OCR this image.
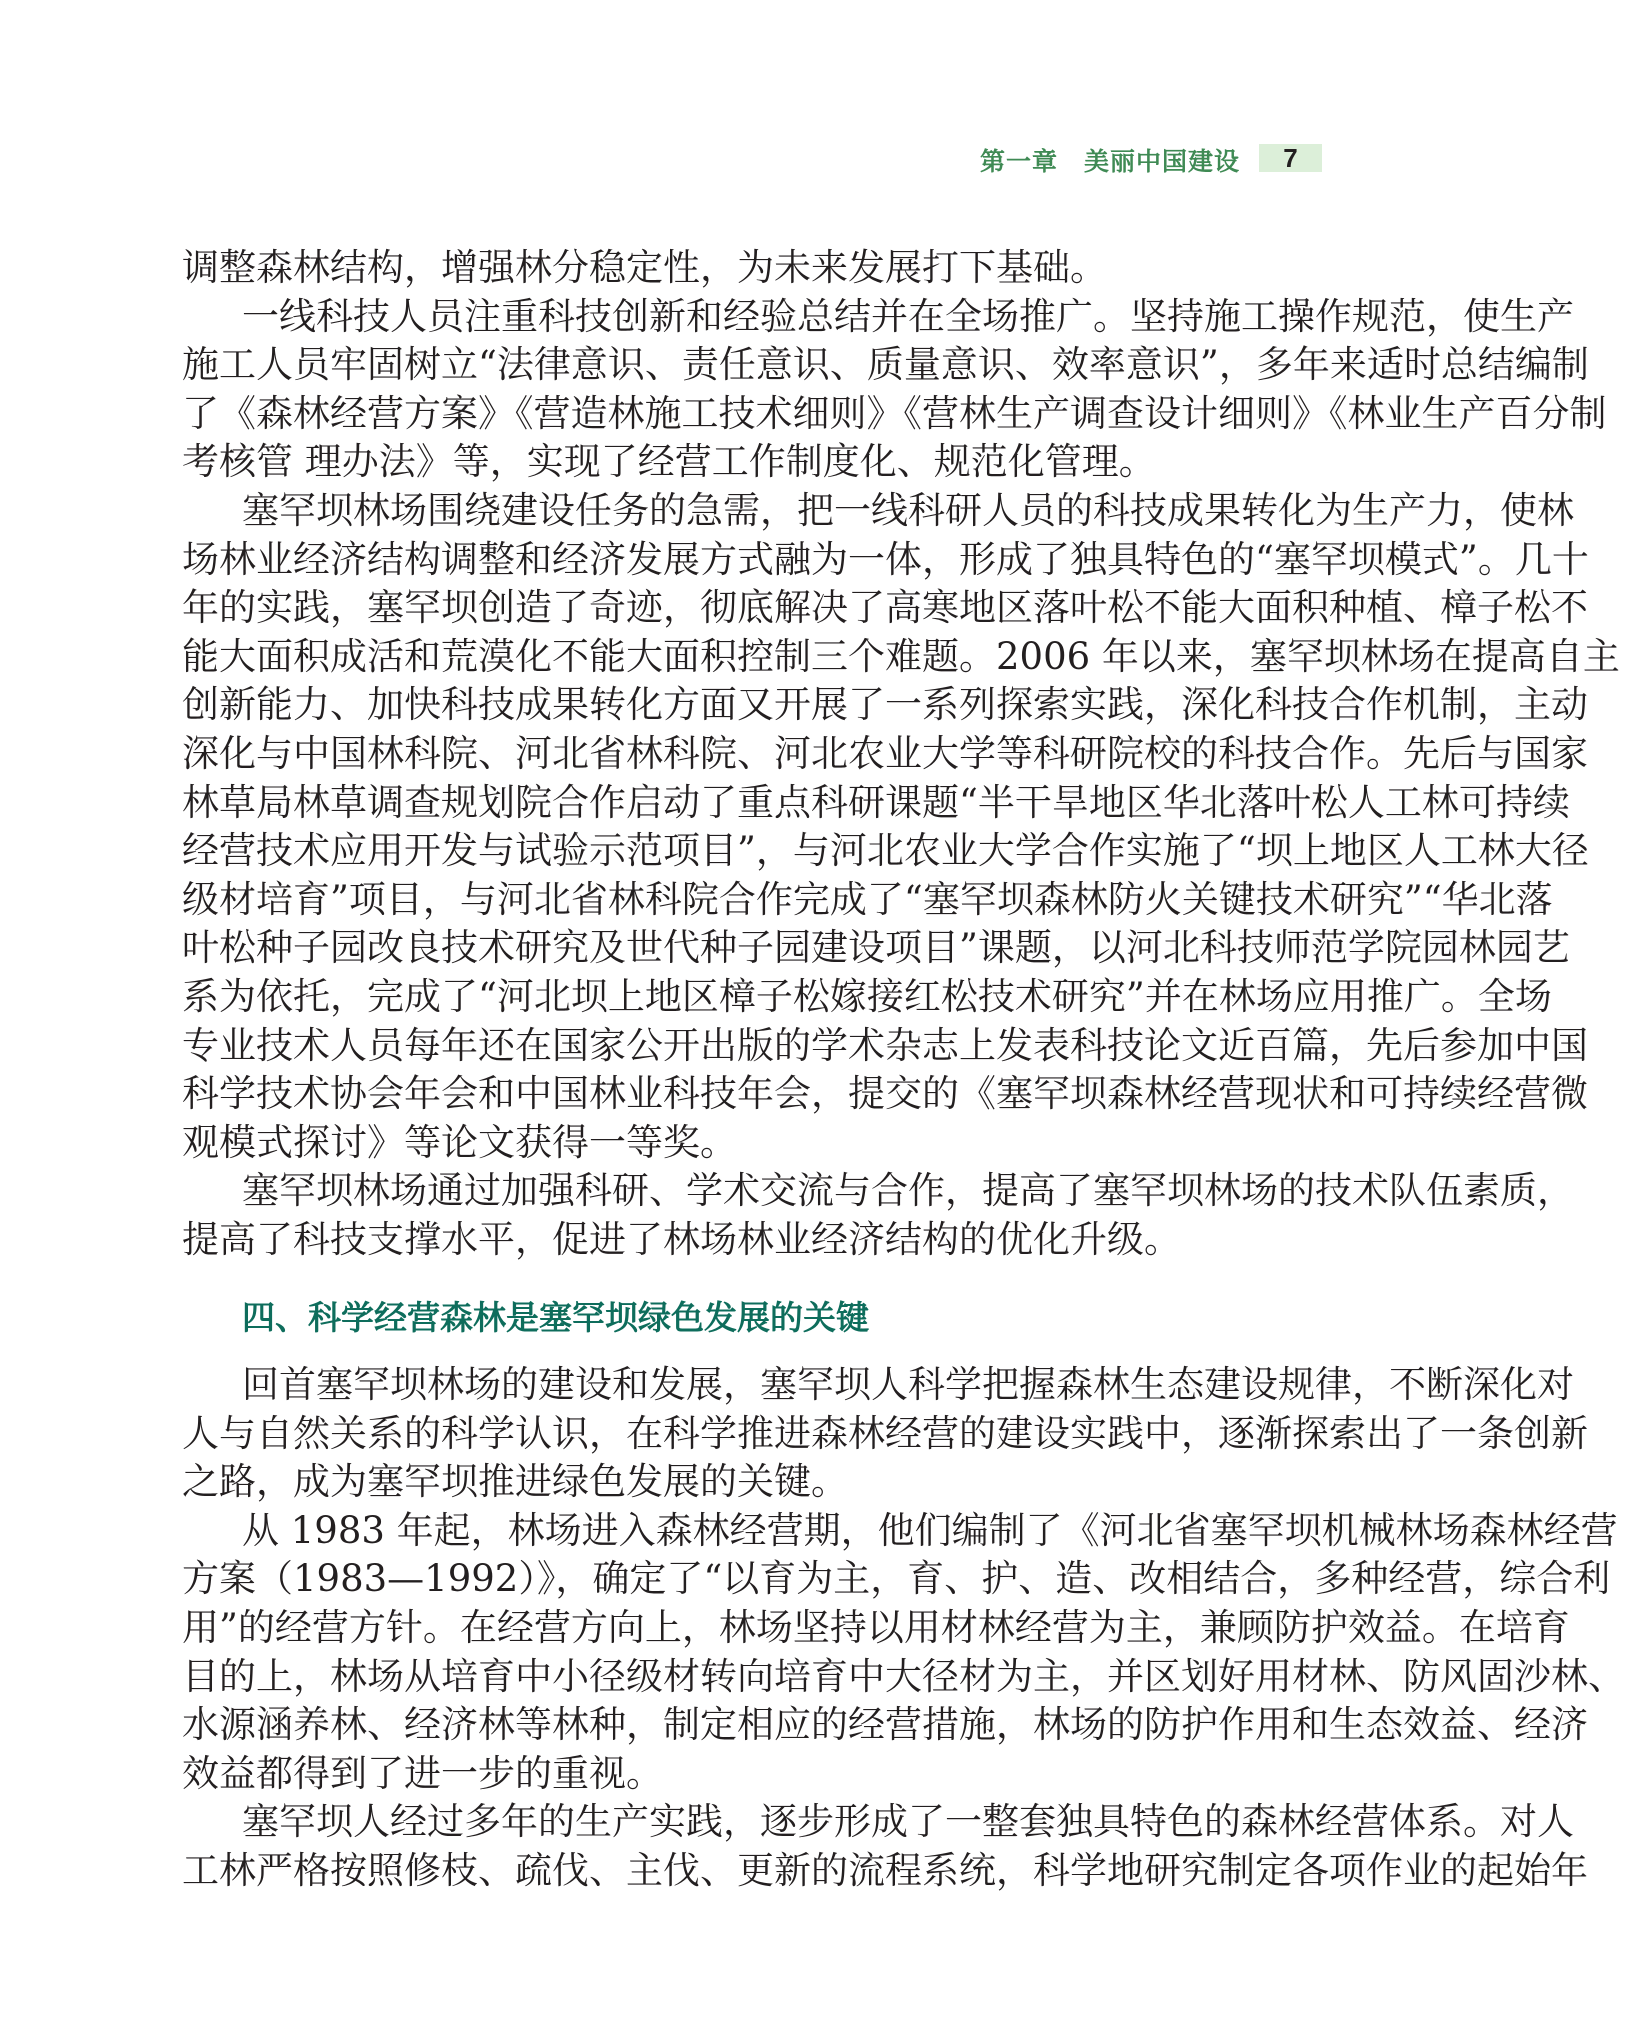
第一章　美丽中国建设	7
调整森林结构，增强林分稳定性，为未来发展打下基础。
一线科技人员注重科技创新和经验总结并在全场推广。坚持施工操作规范，使生产
施工人员牢固树立“法律意识、责任意识、质量意识、效率意识”，多年来适时总结编制
了《森林经营方案》《营造林施工技术细则》《营林生产调查设计细则》《林业生产百分制
考核管 理办法》等，实现了经营工作制度化、规范化管理。
塞罕坝林场围绕建设任务的急需，把一线科研人员的科技成果转化为生产力，使林
场林业经济结构调整和经济发展方式融为一体，形成了独具特色的“塞罕坝模式”。几十
年的实践，塞罕坝创造了奇迹，彻底解决了高寒地区落叶松不能大面积种植、樟子松不
能大面积成活和荒漠化不能大面积控制三个难题。2006 年以来，塞罕坝林场在提高自主
创新能力、加快科技成果转化方面又开展了一系列探索实践，深化科技合作机制，主动
深化与中国林科院、河北省林科院、河北农业大学等科研院校的科技合作。先后与国家
林草局林草调查规划院合作启动了重点科研课题“半干旱地区华北落叶松人工林可持续
经营技术应用开发与试验示范项目”，与河北农业大学合作实施了“坝上地区人工林大径
级材培育”项目，与河北省林科院合作完成了“塞罕坝森林防火关键技术研究”“华北落
叶松种子园改良技术研究及世代种子园建设项目”课题，以河北科技师范学院园林园艺
系为依托，完成了“河北坝上地区樟子松嫁接红松技术研究”并在林场应用推广。全场
专业技术人员每年还在国家公开出版的学术杂志上发表科技论文近百篇，先后参加中国
科学技术协会年会和中国林业科技年会，提交的《塞罕坝森林经营现状和可持续经营微
观模式探讨》等论文获得一等奖。
塞罕坝林场通过加强科研、学术交流与合作，提高了塞罕坝林场的技术队伍素质，
提高了科技支撑水平，促进了林场林业经济结构的优化升级。
四、科学经营森林是塞罕坝绿色发展的关键
回首塞罕坝林场的建设和发展，塞罕坝人科学把握森林生态建设规律，不断深化对
人与自然关系的科学认识，在科学推进森林经营的建设实践中，逐渐探索出了一条创新
之路，成为塞罕坝推进绿色发展的关键。
从 1983 年起，林场进入森林经营期，他们编制了《河北省塞罕坝机械林场森林经营
方案（1983—1992）》，确定了“以育为主，育、护、造、改相结合，多种经营，综合利
用”的经营方针。在经营方向上，林场坚持以用材林经营为主，兼顾防护效益。在培育
目的上，林场从培育中小径级材转向培育中大径材为主，并区划好用材林、防风固沙林、
水源涵养林、经济林等林种，制定相应的经营措施，林场的防护作用和生态效益、经济
效益都得到了进一步的重视。
塞罕坝人经过多年的生产实践，逐步形成了一整套独具特色的森林经营体系。对人
工林严格按照修枝、疏伐、主伐、更新的流程系统，科学地研究制定各项作业的起始年
